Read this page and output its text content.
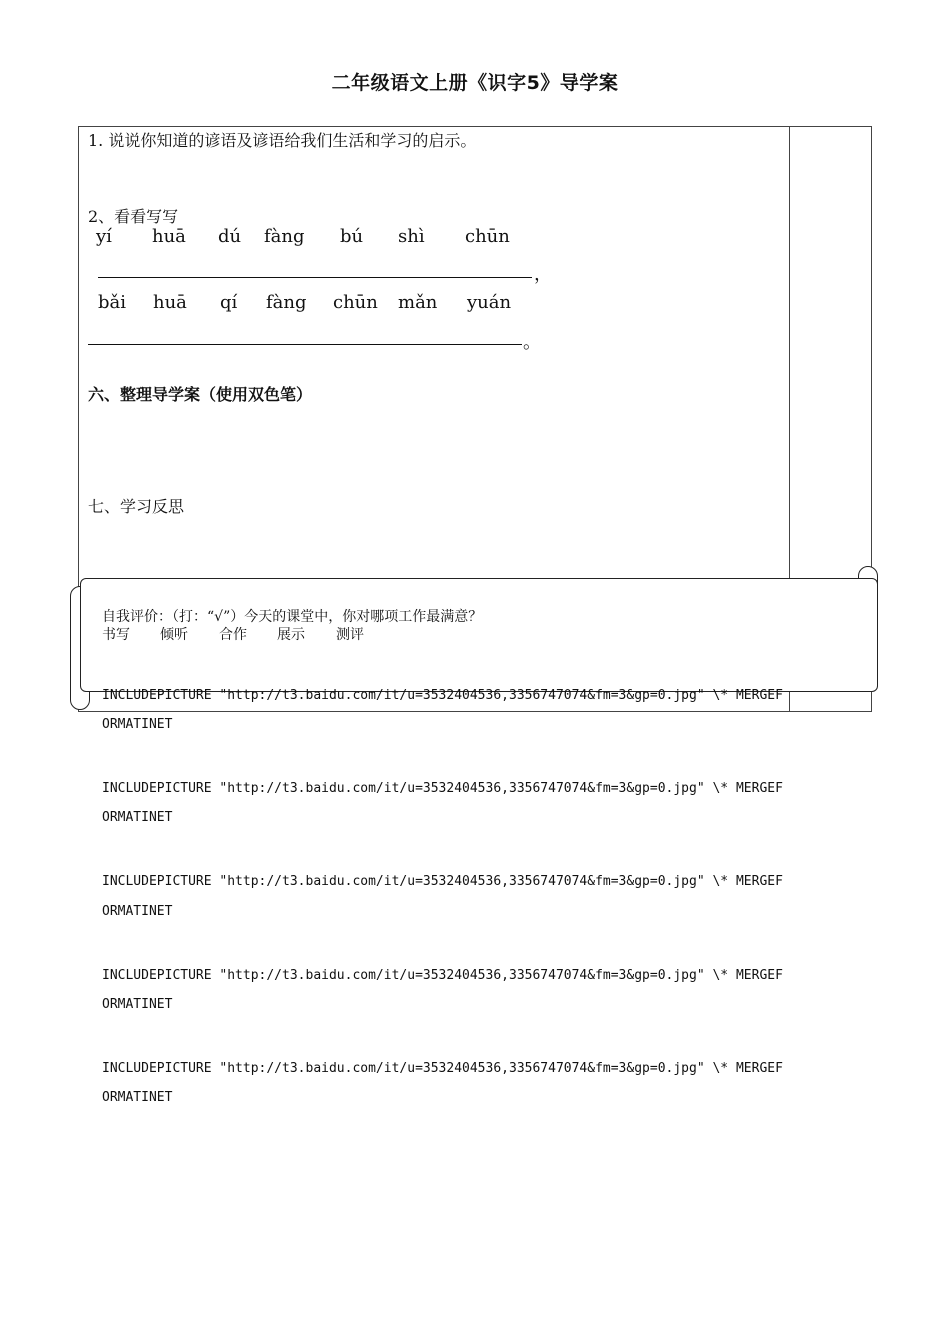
二年级语文上册《识字5》导学案
1. 说说你知道的谚语及谚语给我们生活和学习的启示。
2、看看写写
yí huā dú fàng bú shì chūn
，
bǎi huā qí fàng chūn mǎn yuán
。
六、整理导学案（使用双色笔）
七、学习反思
自我评价：（打：“√”）今天的课堂中，你对哪项工作最满意？
书写 倾听 合作 展示 测评
INCLUDEPICTURE "http://t3.baidu.com/it/u=3532404536,3356747074&fm=3&gp=0.jpg" \* MERGEF
ORMATINET
INCLUDEPICTURE "http://t3.baidu.com/it/u=3532404536,3356747074&fm=3&gp=0.jpg" \* MERGEF
ORMATINET
INCLUDEPICTURE "http://t3.baidu.com/it/u=3532404536,3356747074&fm=3&gp=0.jpg" \* MERGEF
ORMATINET
INCLUDEPICTURE "http://t3.baidu.com/it/u=3532404536,3356747074&fm=3&gp=0.jpg" \* MERGEF
ORMATINET
INCLUDEPICTURE "http://t3.baidu.com/it/u=3532404536,3356747074&fm=3&gp=0.jpg" \* MERGEF
ORMATINET
